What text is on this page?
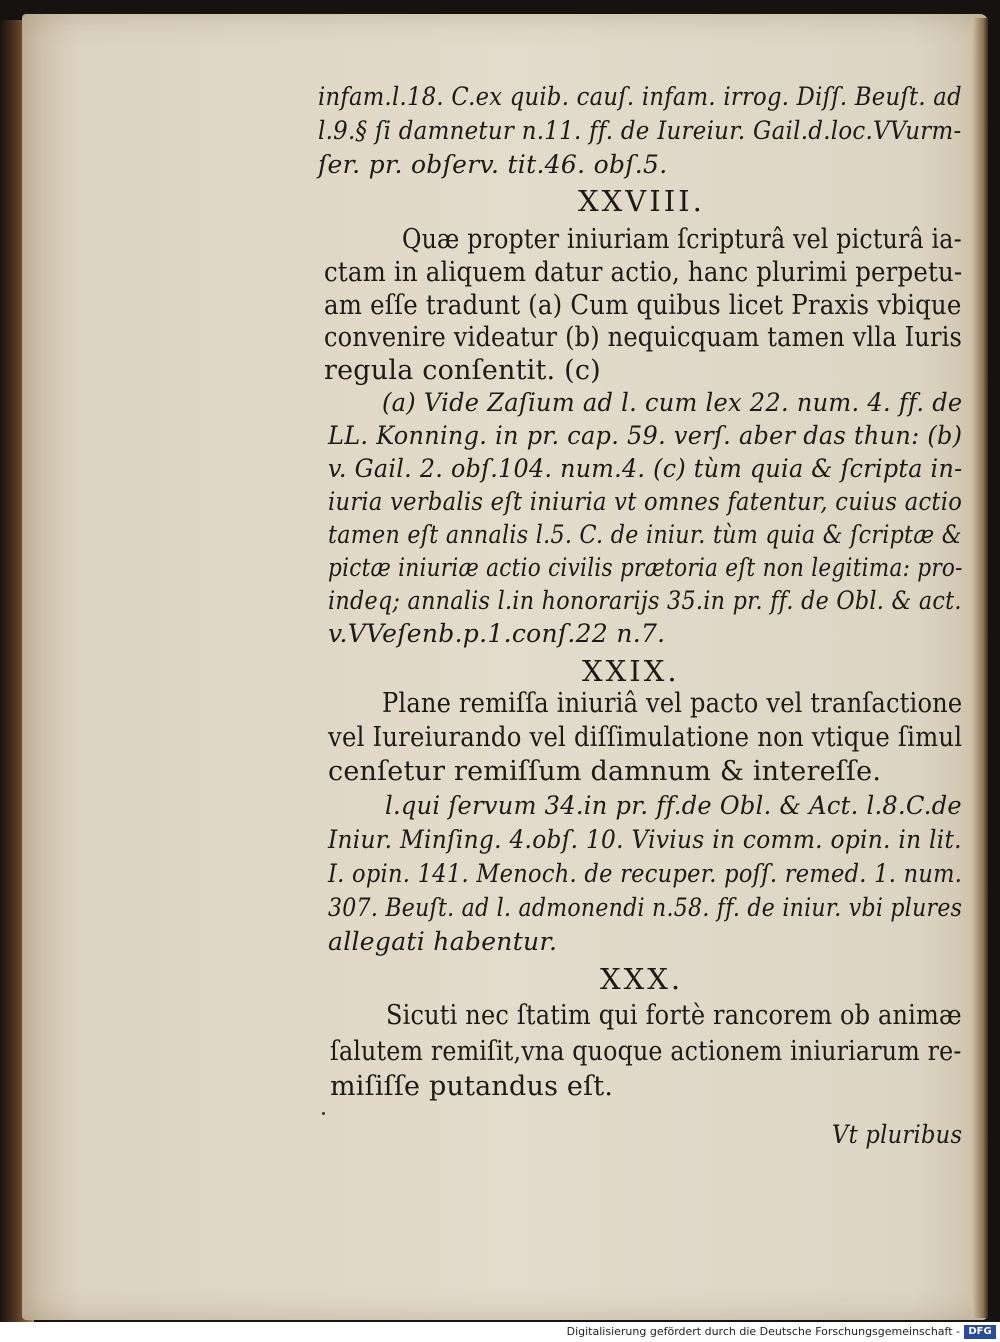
infam.l.18. C.ex quib. cauſ. infam. irrog. Diſſ. Beuſt. ad
l.9.§ ſi damnetur n.11. ff. de Iureiur. Gail.d.loc.VVurm-
ſer. pr. obſerv. tit.46. obſ.5.
XXVIII.
Quæ propter iniuriam ſcripturâ vel picturâ ia-
ctam in aliquem datur actio, hanc plurimi perpetu-
am eſſe tradunt (a) Cum quibus licet Praxis vbique
convenire videatur (b) nequicquam tamen vlla Iuris
regula conſentit. (c)
(a) Vide Zaſium ad l. cum lex 22. num. 4. ff. de
LL. Konning. in pr. cap. 59. verſ. aber das thun: (b)
v. Gail. 2. obſ.104. num.4. (c) tùm quia & ſcripta in-
iuria verbalis eſt iniuria vt omnes fatentur, cuius actio
tamen eſt annalis l.5. C. de iniur. tùm quia & ſcriptæ &
pictæ iniuriæ actio civilis prætoria eſt non legitima: pro-
indeq; annalis l.in honorarijs 35.in pr. ff. de Obl. & act.
v.VVeſenb.p.1.conſ.22 n.7.
XXIX.
Plane remiſſa iniuriâ vel pacto vel tranſactione
vel Iureiurando vel diſſimulatione non vtique ſimul
cenſetur remiſſum damnum & intereſſe.
l.qui ſervum 34.in pr. ff.de Obl. & Act. l.8.C.de
Iniur. Minſing. 4.obſ. 10. Vivius in comm. opin. in lit.
I. opin. 141. Menoch. de recuper. poſſ. remed. 1. num.
307. Beuſt. ad l. admonendi n.58. ff. de iniur. vbi plures
allegati habentur.
XXX.
Sicuti nec ſtatim qui fortè rancorem ob animæ
ſalutem remiſit,vna quoque actionem iniuriarum re-
miſiſſe putandus eſt.
Vt pluribus
Digitalisierung gefördert durch die Deutsche Forschungsgemeinschaft - DFG
